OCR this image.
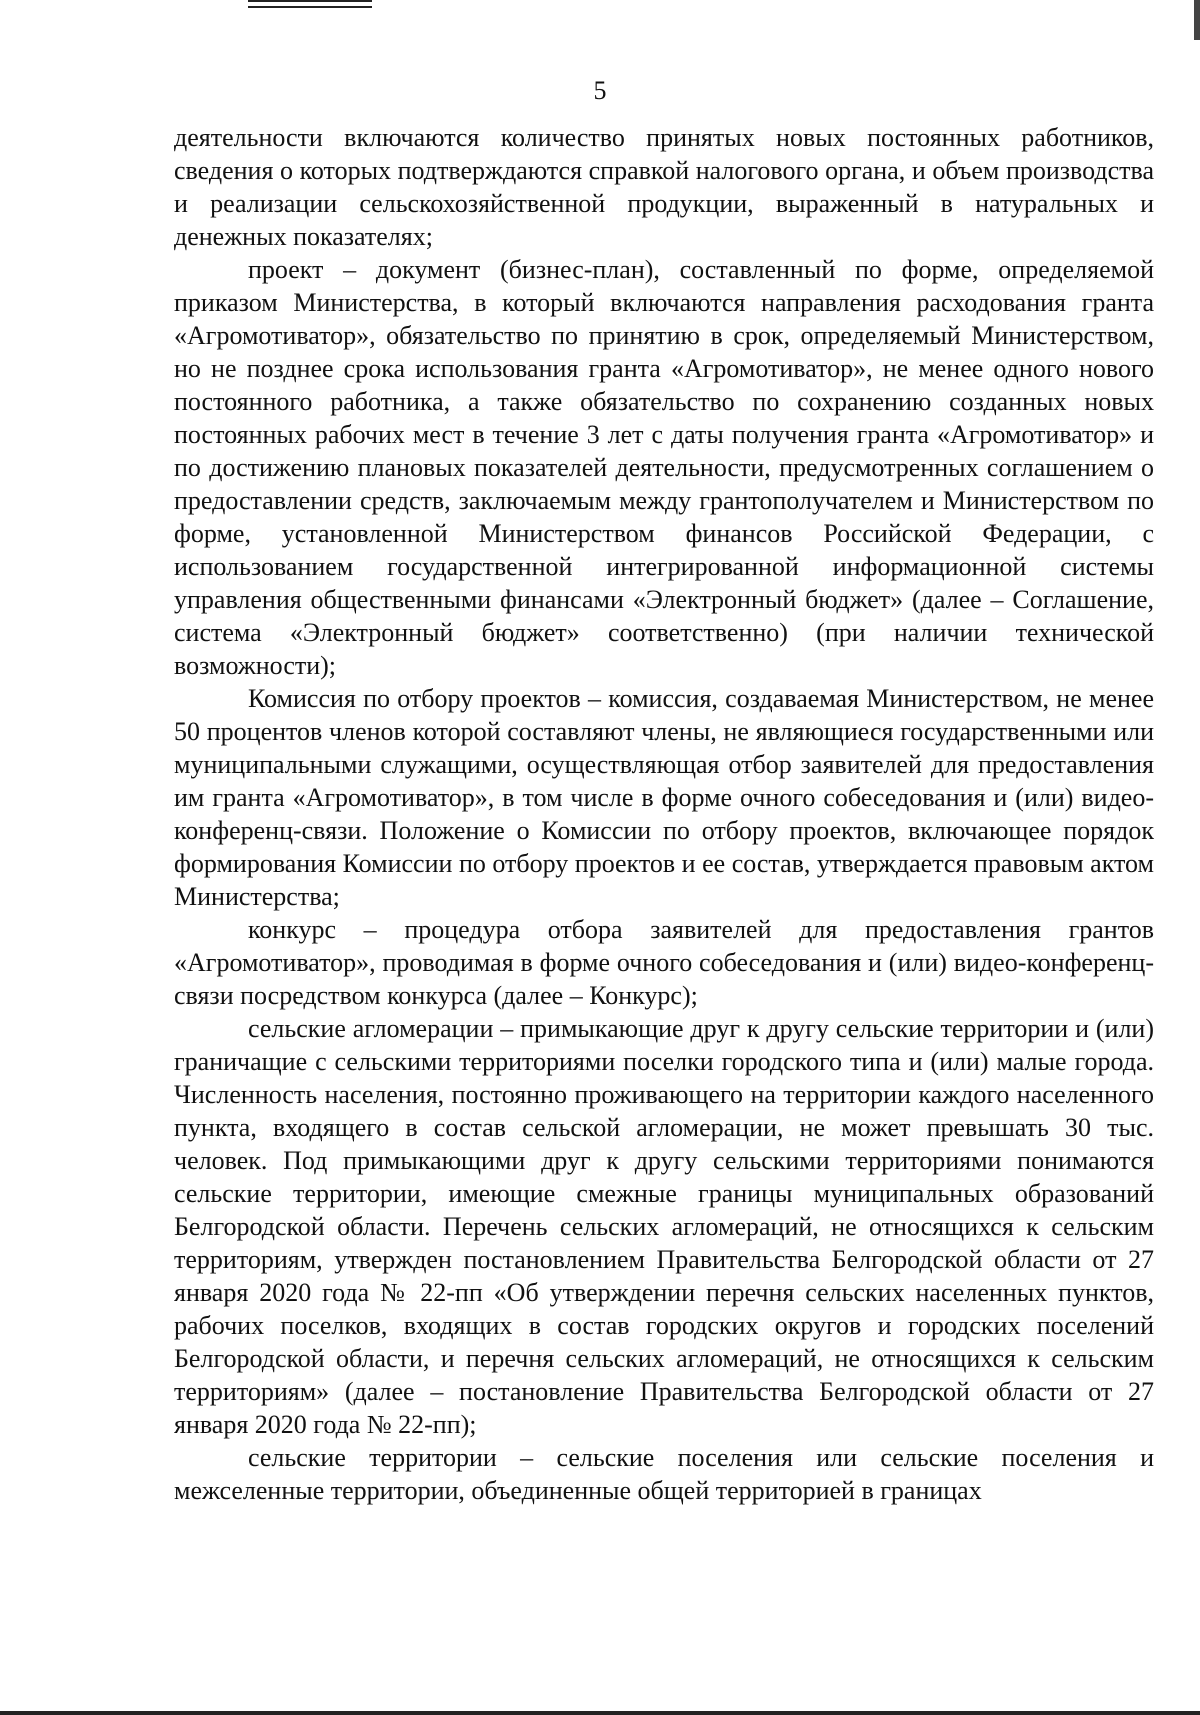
5

деятельности включаются количество принятых новых постоянных работников, сведения о которых подтверждаются справкой налогового органа, и объем производства и реализации сельскохозяйственной продукции, выраженный в натуральных и денежных показателях;

проект – документ (бизнес-план), составленный по форме, определяемой приказом Министерства, в который включаются направления расходования гранта «Агромотиватор», обязательство по принятию в срок, определяемый Министерством, но не позднее срока использования гранта «Агромотиватор», не менее одного нового постоянного работника, а также обязательство по сохранению созданных новых постоянных рабочих мест в течение 3 лет с даты получения гранта «Агромотиватор» и по достижению плановых показателей деятельности, предусмотренных соглашением о предоставлении средств, заключаемым между грантополучателем и Министерством по форме, установленной Министерством финансов Российской Федерации, с использованием государственной интегрированной информационной системы управления общественными финансами «Электронный бюджет» (далее – Соглашение, система «Электронный бюджет» соответственно) (при наличии технической возможности);

Комиссия по отбору проектов – комиссия, создаваемая Министерством, не менее 50 процентов членов которой составляют члены, не являющиеся государственными или муниципальными служащими, осуществляющая отбор заявителей для предоставления им гранта «Агромотиватор», в том числе в форме очного собеседования и (или) видео-конференц-связи. Положение о Комиссии по отбору проектов, включающее порядок формирования Комиссии по отбору проектов и ее состав, утверждается правовым актом Министерства;

конкурс – процедура отбора заявителей для предоставления грантов «Агромотиватор», проводимая в форме очного собеседования и (или) видео-конференц-связи посредством конкурса (далее – Конкурс);

сельские агломерации – примыкающие друг к другу сельские территории и (или) граничащие с сельскими территориями поселки городского типа и (или) малые города. Численность населения, постоянно проживающего на территории каждого населенного пункта, входящего в состав сельской агломерации, не может превышать 30 тыс. человек. Под примыкающими друг к другу сельскими территориями понимаются сельские территории, имеющие смежные границы муниципальных образований Белгородской области. Перечень сельских агломераций, не относящихся к сельским территориям, утвержден постановлением Правительства Белгородской области от 27 января 2020 года № 22-пп «Об утверждении перечня сельских населенных пунктов, рабочих поселков, входящих в состав городских округов и городских поселений Белгородской области, и перечня сельских агломераций, не относящихся к сельским территориям» (далее – постановление Правительства Белгородской области от 27 января 2020 года № 22-пп);

сельские территории – сельские поселения или сельские поселения и межселенные территории, объединенные общей территорией в границах
